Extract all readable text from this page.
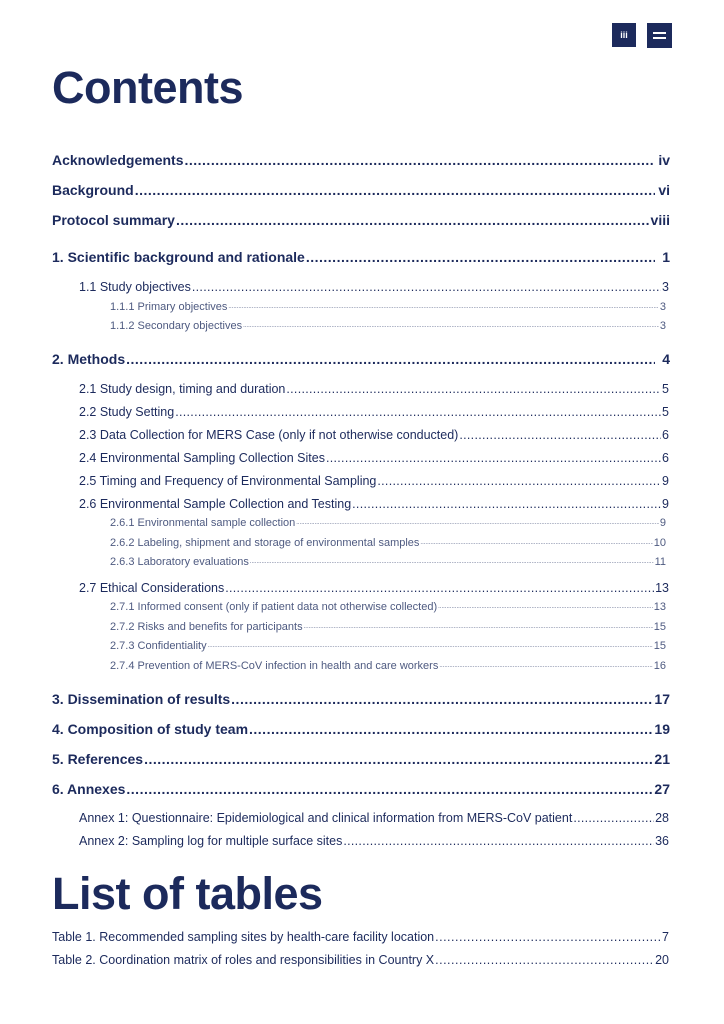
iii
Contents
Acknowledgements .....	iv
Background .....	vi
Protocol summary .....	viii
1. Scientific background and rationale .....	1
1.1 Study objectives .....	3
1.1.1 Primary objectives .....	3
1.1.2 Secondary objectives .....	3
2. Methods .....	4
2.1 Study design, timing and duration .....	5
2.2 Study Setting .....	5
2.3 Data Collection for MERS Case (only if not otherwise conducted) .....	6
2.4 Environmental Sampling Collection Sites .....	6
2.5 Timing and Frequency of Environmental Sampling .....	9
2.6 Environmental Sample Collection and Testing .....	9
2.6.1 Environmental sample collection .....	9
2.6.2 Labeling, shipment and storage of environmental samples .....	10
2.6.3 Laboratory evaluations .....	11
2.7 Ethical Considerations .....	13
2.7.1 Informed consent (only if patient data not otherwise collected) .....	13
2.7.2 Risks and benefits for participants .....	15
2.7.3 Confidentiality .....	15
2.7.4 Prevention of MERS-CoV infection in health and care workers .....	16
3. Dissemination of results .....	17
4. Composition of study team .....	19
5. References .....	21
6. Annexes .....	27
Annex 1: Questionnaire: Epidemiological and clinical information from MERS-CoV patient .....	28
Annex 2: Sampling log for multiple surface sites .....	36
List of tables
Table 1. Recommended sampling sites by health-care facility location .....	7
Table 2. Coordination matrix of roles and responsibilities in Country X .....	20
